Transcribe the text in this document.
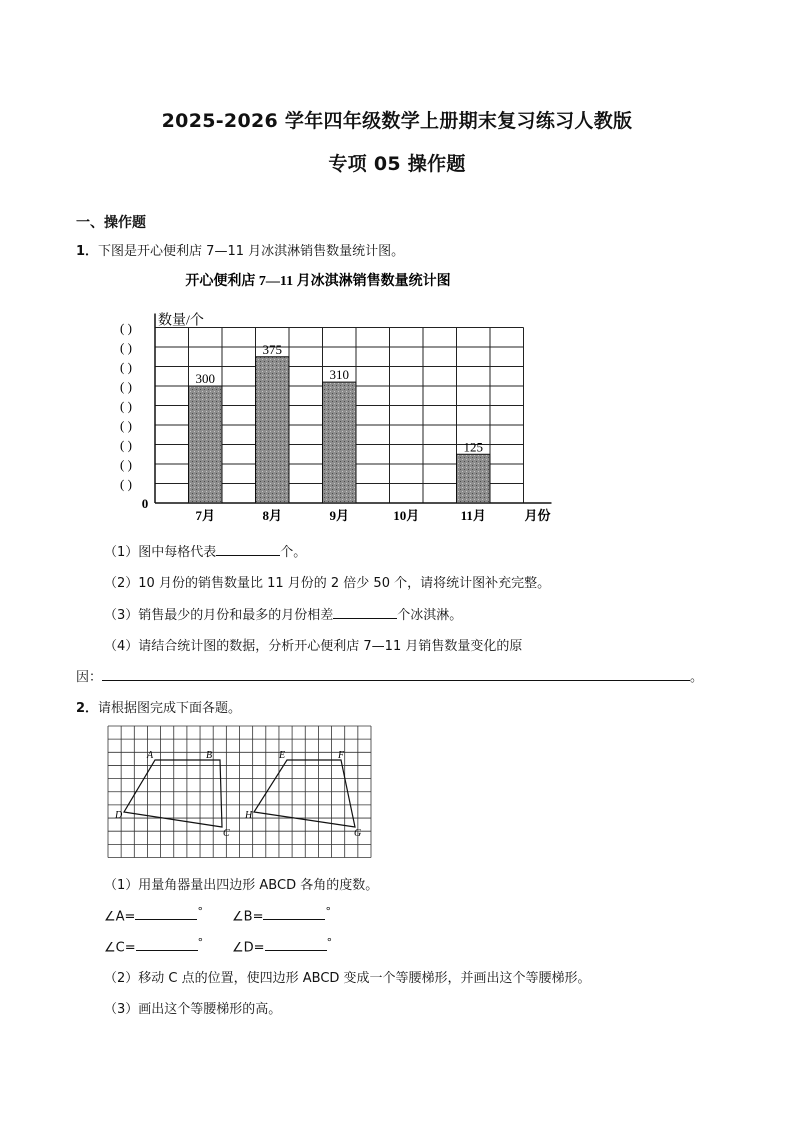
2025-2026 学年四年级数学上册期末复习练习人教版
专项 05 操作题
一、操作题
1．下图是开心便利店 7—11 月冰淇淋销售数量统计图。
开心便利店 7—11 月冰淇淋销售数量统计图
( )
( )
( )
( )
( )
( )
( )
( )
( )
0
数量/个
月份
7月
300
8月
375
9月
310
10月	11月
125
（1）图中每格代表	个。
（2）10 月份的销售数量比 11 月份的 2 倍少 50 个，请将统计图补充完整。
（3）销售最少的月份和最多的月份相差	个冰淇淋。
（4）请结合统计图的数据，分析开心便利店 7—11 月销售数量变化的原
因：	。
2．请根据图完成下面各题。
A	B
C
D
E	F
G
H
（1）用量角器量出四边形 ABCD 各角的度数。
∠A=	° ∠B=	°
∠C=	° ∠D=	°
（2）移动 C 点的位置，使四边形 ABCD 变成一个等腰梯形，并画出这个等腰梯形。
（3）画出这个等腰梯形的高。
